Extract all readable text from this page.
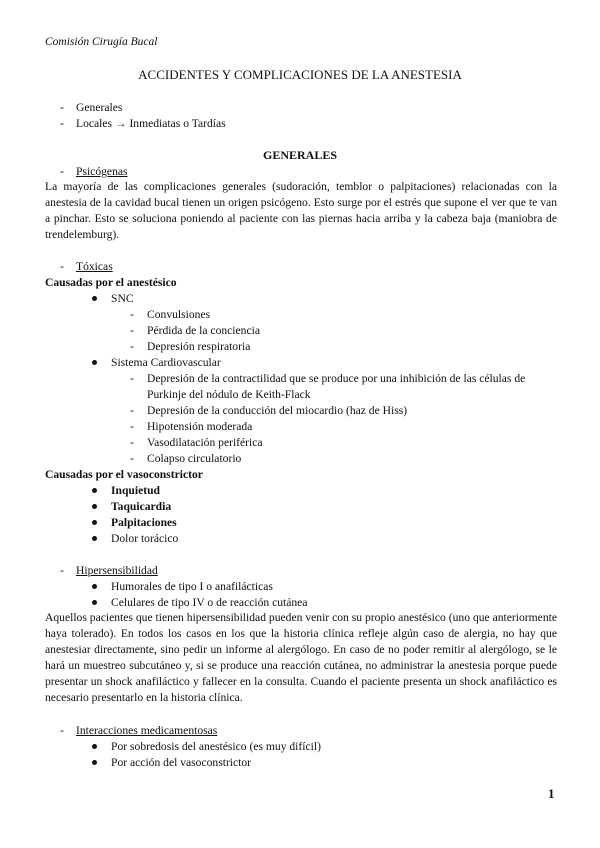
Comisión Cirugía Bucal
ACCIDENTES Y COMPLICACIONES DE LA ANESTESIA
- Generales
- Locales → Inmediatas o Tardías
GENERALES
- Psicógenas
La mayoría de las complicaciones generales (sudoración, temblor o palpitaciones) relacionadas con la anestesia de la cavidad bucal tienen un origen psicógeno. Esto surge por el estrés que supone el ver que te van a pinchar. Esto se soluciona poniendo al paciente con las piernas hacia arriba y la cabeza baja (maniobra de trendelemburg).
- Tóxicas
Causadas por el anestésico
SNC
- Convulsiones
- Pérdida de la conciencia
- Depresión respiratoria
Sistema Cardiovascular
- Depresión de la contractilidad que se produce por una inhibición de las células de
Purkinje del nódulo de Keith-Flack
- Depresión de la conducción del miocardio (haz de Hiss)
- Hipotensión moderada
- Vasodilatación periférica
- Colapso circulatorio
Causadas por el vasoconstrictor
Inquietud
Taquicardia
Palpitaciones
Dolor torácico
- Hipersensibilidad
Humorales de tipo I o anafilácticas
Celulares de tipo IV o de reacción cutánea
Aquellos pacientes que tienen hipersensibilidad pueden venir con su propio anestésico (uno que anteriormente haya tolerado). En todos los casos en los que la historia clínica refleje algún caso de alergia, no hay que anestesiar directamente, sino pedir un informe al alergólogo. En caso de no poder remitir al alergólogo, se le hará un muestreo subcutáneo y, si se produce una reacción cutánea, no administrar la anestesia porque puede presentar un shock anafiláctico y fallecer en la consulta. Cuando el paciente presenta un shock anafiláctico es necesario presentarlo en la historia clínica.
- Interacciones medicamentosas
Por sobredosis del anestésico (es muy difícil)
Por acción del vasoconstrictor
1
